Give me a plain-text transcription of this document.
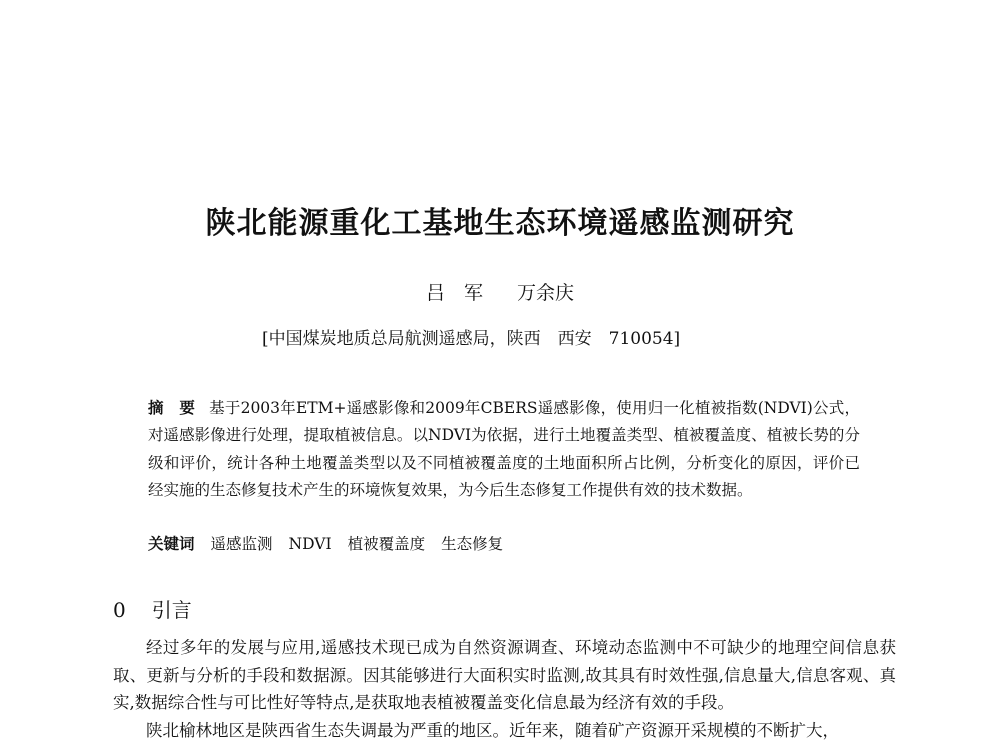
陕北能源重化工基地生态环境遥感监测研究
吕　军 万余庆
[中国煤炭地质总局航测遥感局，陕西　西安　710054]
摘　要 基于2003年ETM+遥感影像和2009年CBERS遥感影像，使用归一化植被指数(NDVI)公式，对遥感影像进行处理，提取植被信息。以NDVI为依据，进行土地覆盖类型、植被覆盖度、植被长势的分级和评价，统计各种土地覆盖类型以及不同植被覆盖度的土地面积所占比例，分析变化的原因，评价已经实施的生态修复技术产生的环境恢复效果，为今后生态修复工作提供有效的技术数据。
关键词 遥感监测 NDVI 植被覆盖度 生态修复
0 引言

经过多年的发展与应用,遥感技术现已成为自然资源调查、环境动态监测中不可缺少的地理空间信息获取、更新与分析的手段和数据源。因其能够进行大面积实时监测,故其具有时效性强,信息量大,信息客观、真实,数据综合性与可比性好等特点,是获取地表植被覆盖变化信息最为经济有效的手段。

陕北榆林地区是陕西省生态失调最为严重的地区。近年来，随着矿产资源开采规模的不断扩大，
